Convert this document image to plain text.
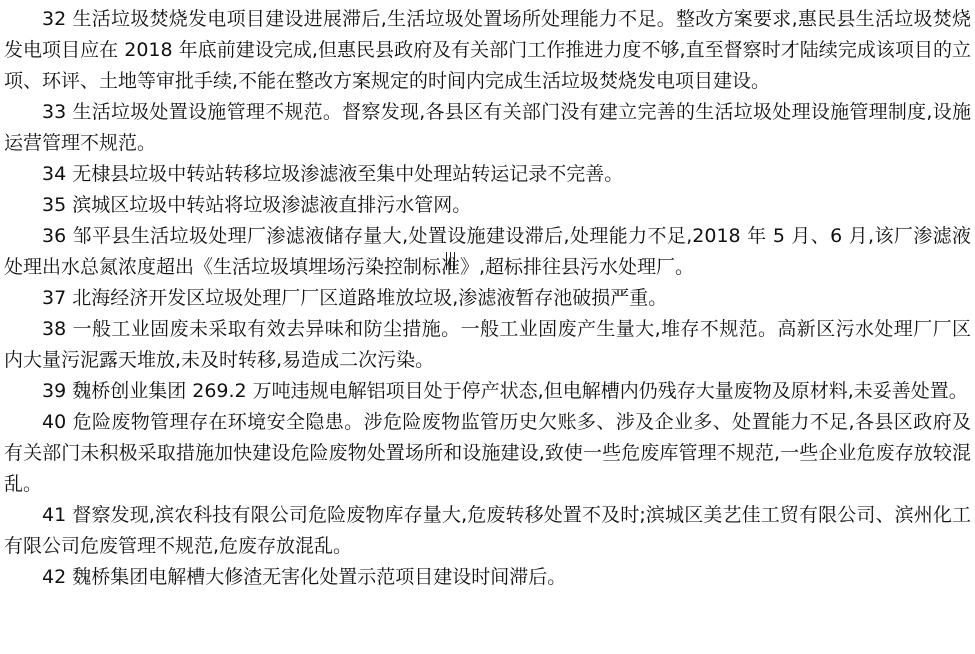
32 生活垃圾焚烧发电项目建设进展滞后,生活垃圾处置场所处理能力不足。整改方案要求,惠民县生活垃圾焚烧发电项目应在 2018 年底前建设完成,但惠民县政府及有关部门工作推进力度不够,直至督察时才陆续完成该项目的立项、环评、土地等审批手续,不能在整改方案规定的时间内完成生活垃圾焚烧发电项目建设。

33 生活垃圾处置设施管理不规范。督察发现,各县区有关部门没有建立完善的生活垃圾处理设施管理制度,设施运营管理不规范。

34 无棣县垃圾中转站转移垃圾渗滤液至集中处理站转运记录不完善。

35 滨城区垃圾中转站将垃圾渗滤液直排污水管网。

36 邹平县生活垃圾处理厂渗滤液储存量大,处置设施建设滞后,处理能力不足,2018 年 5 月、6 月,该厂渗滤液处理出水总氮浓度超出《生活垃圾填埋场污染控制标准》,超标排往县污水处理厂。

37 北海经济开发区垃圾处理厂厂区道路堆放垃圾,渗滤液暂存池破损严重。

38 一般工业固废未采取有效去异味和防尘措施。一般工业固废产生量大,堆存不规范。高新区污水处理厂厂区内大量污泥露天堆放,未及时转移,易造成二次污染。

39 魏桥创业集团 269.2 万吨违规电解铝项目处于停产状态,但电解槽内仍残存大量废物及原材料,未妥善处置。

40 危险废物管理存在环境安全隐患。涉危险废物监管历史欠账多、涉及企业多、处置能力不足,各县区政府及有关部门未积极采取措施加快建设危险废物处置场所和设施建设,致使一些危废库管理不规范,一些企业危废存放较混乱。

41 督察发现,滨农科技有限公司危险废物库存量大,危废转移处置不及时;滨城区美艺佳工贸有限公司、滨州化工有限公司危废管理不规范,危废存放混乱。

42 魏桥集团电解槽大修渣无害化处置示范项目建设时间滞后。
